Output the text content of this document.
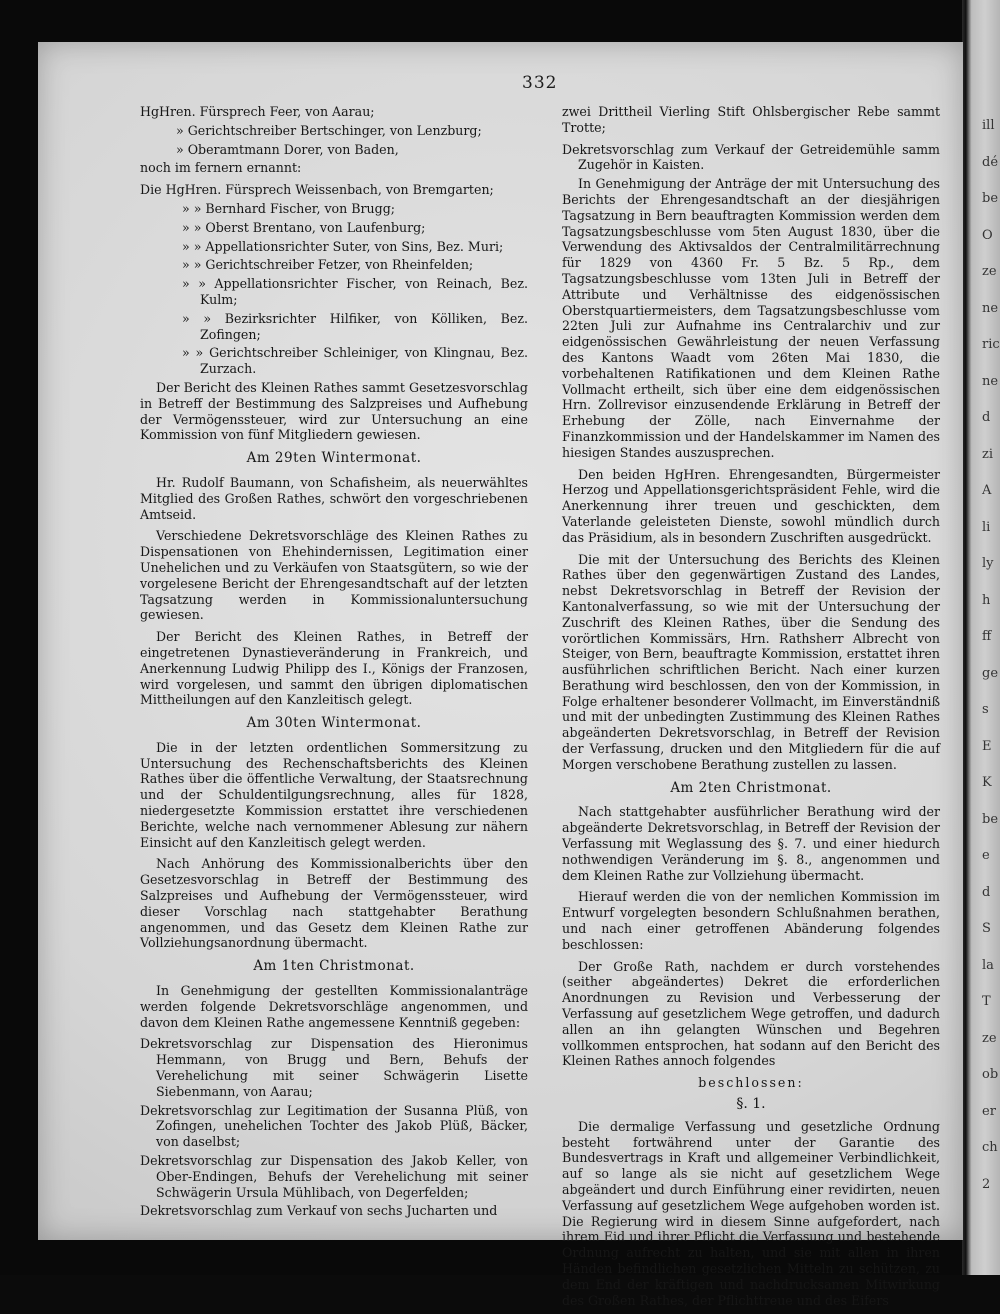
ill
dé
be
O
ze
ne
ric
ne
d
zi
A
li
ly
h
ff
ge
s
E
K
be
e
d
S
la
T
ze
ob
er
ch
2
332
HgHren. Fürsprech Feer, von Aarau;
» Gerichtschreiber Bertschinger, von Lenzburg;
» Oberamtmann Dorer, von Baden,

noch im fernern ernannt:

Die HgHren. Fürsprech Weissenbach, von Bremgarten;
» » Bernhard Fischer, von Brugg;
» » Oberst Brentano, von Laufenburg;
» » Appellationsrichter Suter, von Sins, Bez. Muri;
» » Gerichtschreiber Fetzer, von Rheinfelden;
» » Appellationsrichter Fischer, von Reinach, Bez. Kulm;
» » Bezirksrichter Hilfiker, von Kölliken, Bez. Zofingen;
» » Gerichtschreiber Schleiniger, von Klingnau, Bez. Zurzach.

Der Bericht des Kleinen Rathes sammt Gesetzesvorschlag in Betreff der Bestimmung des Salzpreises und Aufhebung der Vermögenssteuer, wird zur Untersuchung an eine Kommission von fünf Mitgliedern gewiesen.

Am 29ten Wintermonat.

Hr. Rudolf Baumann, von Schafisheim, als neuerwähltes Mitglied des Großen Rathes, schwört den vorgeschriebenen Amtseid.

Verschiedene Dekretsvorschläge des Kleinen Rathes zu Dispensationen von Ehehindernissen, Legitimation einer Unehelichen und zu Verkäufen von Staatsgütern, so wie der vorgelesene Bericht der Ehrengesandtschaft auf der letzten Tagsatzung werden in Kommissionaluntersuchung gewiesen.

Der Bericht des Kleinen Rathes, in Betreff der eingetretenen Dynastieveränderung in Frankreich, und Anerkennung Ludwig Philipp des I., Königs der Franzosen, wird vorgelesen, und sammt den übrigen diplomatischen Mittheilungen auf den Kanzleitisch gelegt.

Am 30ten Wintermonat.

Die in der letzten ordentlichen Sommersitzung zu Untersuchung des Rechenschaftsberichts des Kleinen Rathes über die öffentliche Verwaltung, der Staatsrechnung und der Schuldentilgungsrechnung, alles für 1828, niedergesetzte Kommission erstattet ihre verschiedenen Berichte, welche nach vernommener Ablesung zur nähern Einsicht auf den Kanzleitisch gelegt werden.

Nach Anhörung des Kommissionalberichts über den Gesetzesvorschlag in Betreff der Bestimmung des Salzpreises und Aufhebung der Vermögenssteuer, wird dieser Vorschlag nach stattgehabter Berathung angenommen, und das Gesetz dem Kleinen Rathe zur Vollziehungsanordnung übermacht.

Am 1ten Christmonat.

In Genehmigung der gestellten Kommissionalanträge werden folgende Dekretsvorschläge angenommen, und davon dem Kleinen Rathe angemessene Kenntniß gegeben:

Dekretsvorschlag zur Dispensation des Hieronimus Hemmann, von Brugg und Bern, Behufs der Verehelichung mit seiner Schwägerin Lisette Siebenmann, von Aarau;
Dekretsvorschlag zur Legitimation der Susanna Plüß, von Zofingen, unehelichen Tochter des Jakob Plüß, Bäcker, von daselbst;
Dekretsvorschlag zur Dispensation des Jakob Keller, von Ober-Endingen, Behufs der Verehelichung mit seiner Schwägerin Ursula Mühlibach, von Degerfelden;
Dekretsvorschlag zum Verkauf von sechs Jucharten und

zwei Drittheil Vierling Stift Ohlsbergischer Rebe sammt Trotte;

Dekretsvorschlag zum Verkauf der Getreidemühle samm Zugehör in Kaisten.

In Genehmigung der Anträge der mit Untersuchung des Berichts der Ehrengesandtschaft an der diesjährigen Tagsatzung in Bern beauftragten Kommission werden dem Tagsatzungsbeschlusse vom 5ten August 1830, über die Verwendung des Aktivsaldos der Centralmilitärrechnung für 1829 von 4360 Fr. 5 Bz. 5 Rp., dem Tagsatzungsbeschlusse vom 13ten Juli in Betreff der Attribute und Verhältnisse des eidgenössischen Oberstquartiermeisters, dem Tagsatzungsbeschlusse vom 22ten Juli zur Aufnahme ins Centralarchiv und zur eidgenössischen Gewährleistung der neuen Verfassung des Kantons Waadt vom 26ten Mai 1830, die vorbehaltenen Ratifikationen und dem Kleinen Rathe Vollmacht ertheilt, sich über eine dem eidgenössischen Hrn. Zollrevisor einzusendende Erklärung in Betreff der Erhebung der Zölle, nach Einvernahme der Finanzkommission und der Handelskammer im Namen des hiesigen Standes auszusprechen.

Den beiden HgHren. Ehrengesandten, Bürgermeister Herzog und Appellationsgerichtspräsident Fehle, wird die Anerkennung ihrer treuen und geschickten, dem Vaterlande geleisteten Dienste, sowohl mündlich durch das Präsidium, als in besondern Zuschriften ausgedrückt.

Die mit der Untersuchung des Berichts des Kleinen Rathes über den gegenwärtigen Zustand des Landes, nebst Dekretsvorschlag in Betreff der Revision der Kantonalverfassung, so wie mit der Untersuchung der Zuschrift des Kleinen Rathes, über die Sendung des vorörtlichen Kommissärs, Hrn. Rathsherr Albrecht von Steiger, von Bern, beauftragte Kommission, erstattet ihren ausführlichen schriftlichen Bericht. Nach einer kurzen Berathung wird beschlossen, den von der Kommission, in Folge erhaltener besonderer Vollmacht, im Einverständniß und mit der unbedingten Zustimmung des Kleinen Rathes abgeänderten Dekretsvorschlag, in Betreff der Revision der Verfassung, drucken und den Mitgliedern für die auf Morgen verschobene Berathung zustellen zu lassen.

Am 2ten Christmonat.

Nach stattgehabter ausführlicher Berathung wird der abgeänderte Dekretsvorschlag, in Betreff der Revision der Verfassung mit Weglassung des §. 7. und einer hiedurch nothwendigen Veränderung im §. 8., angenommen und dem Kleinen Rathe zur Vollziehung übermacht.

Hierauf werden die von der nemlichen Kommission im Entwurf vorgelegten besondern Schlußnahmen berathen, und nach einer getroffenen Abänderung folgendes beschlossen:

Der Große Rath, nachdem er durch vorstehendes (seither abgeändertes) Dekret die erforderlichen Anordnungen zu Revision und Verbesserung der Verfassung auf gesetzlichem Wege getroffen, und dadurch allen an ihn gelangten Wünschen und Begehren vollkommen entsprochen, hat sodann auf den Bericht des Kleinen Rathes annoch folgendes

beschlossen:

§. 1.

Die dermalige Verfassung und gesetzliche Ordnung besteht fortwährend unter der Garantie des Bundesvertrags in Kraft und allgemeiner Verbindlichkeit, auf so lange als sie nicht auf gesetzlichem Wege abgeändert und durch Einführung einer revidirten, neuen Verfassung auf gesetzlichem Wege aufgehoben worden ist. Die Regierung wird in diesem Sinne aufgefordert, nach ihrem Eid und ihrer Pflicht die Verfassung und bestehende Ordnung aufrecht zu halten, und sie mit allen in ihren Händen befindlichen gesetzlichen Mitteln zu schützen, zu dem End der kräftigen und nachdrucksamen Mitwirkung des Großen Rathes, der Pflichttreue und des Eifers
